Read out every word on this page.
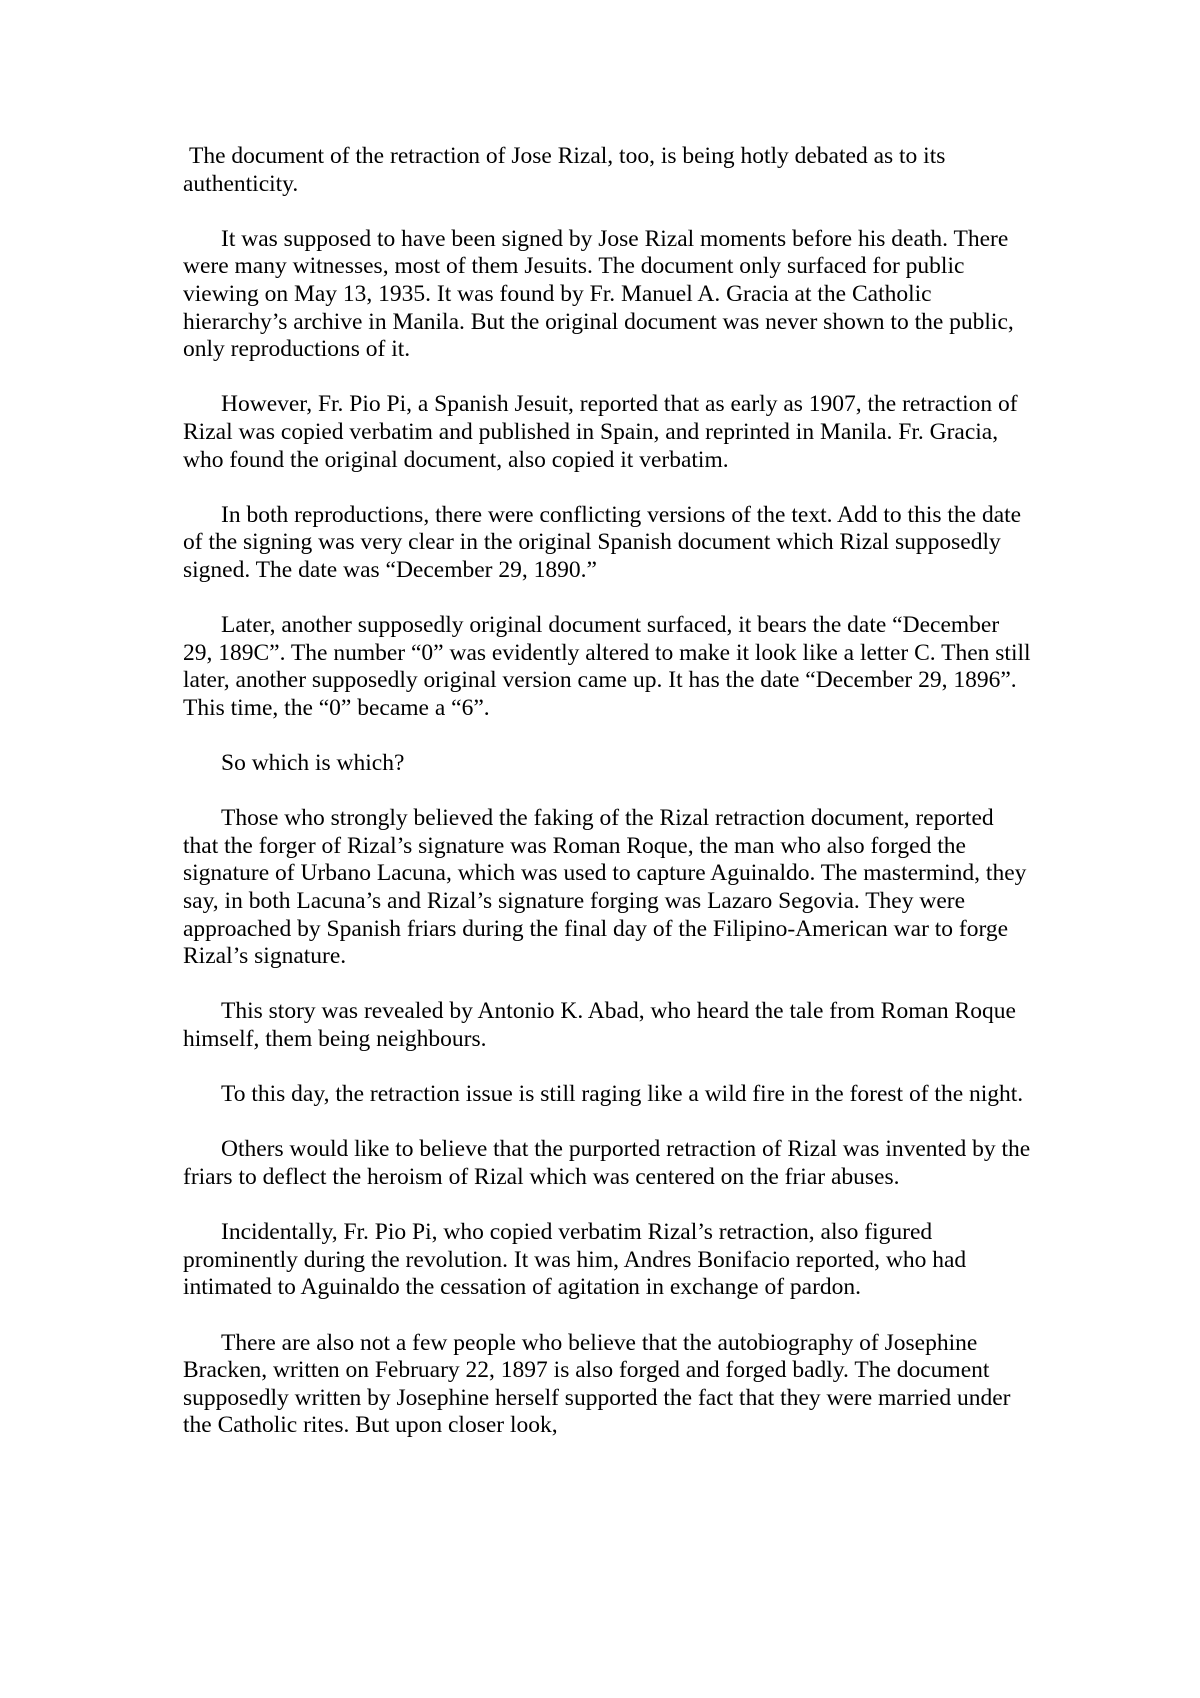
The document of the retraction of Jose Rizal, too, is being hotly debated as to its authenticity.

It was supposed to have been signed by Jose Rizal moments before his death. There were many witnesses, most of them Jesuits. The document only surfaced for public viewing on May 13, 1935. It was found by Fr. Manuel A. Gracia at the Catholic hierarchy’s archive in Manila. But the original document was never shown to the public, only reproductions of it.

However, Fr. Pio Pi, a Spanish Jesuit, reported that as early as 1907, the retraction of Rizal was copied verbatim and published in Spain, and reprinted in Manila. Fr. Gracia, who found the original document, also copied it verbatim.

In both reproductions, there were conflicting versions of the text. Add to this the date of the signing was very clear in the original Spanish document which Rizal supposedly signed. The date was “December 29, 1890.”

Later, another supposedly original document surfaced, it bears the date “December 29, 189C”. The number “0” was evidently altered to make it look like a letter C. Then still later, another supposedly original version came up. It has the date “December 29, 1896”. This time, the “0” became a “6”.

So which is which?

Those who strongly believed the faking of the Rizal retraction document, reported that the forger of Rizal’s signature was Roman Roque, the man who also forged the signature of Urbano Lacuna, which was used to capture Aguinaldo. The mastermind, they say, in both Lacuna’s and Rizal’s signature forging was Lazaro Segovia. They were approached by Spanish friars during the final day of the Filipino-American war to forge Rizal’s signature.

This story was revealed by Antonio K. Abad, who heard the tale from Roman Roque himself, them being neighbours.

To this day, the retraction issue is still raging like a wild fire in the forest of the night.

Others would like to believe that the purported retraction of Rizal was invented by the friars to deflect the heroism of Rizal which was centered on the friar abuses.

Incidentally, Fr. Pio Pi, who copied verbatim Rizal’s retraction, also figured prominently during the revolution. It was him, Andres Bonifacio reported, who had intimated to Aguinaldo the cessation of agitation in exchange of pardon.

There are also not a few people who believe that the autobiography of Josephine Bracken, written on February 22, 1897 is also forged and forged badly. The document supposedly written by Josephine herself supported the fact that they were married under the Catholic rites. But upon closer look,
